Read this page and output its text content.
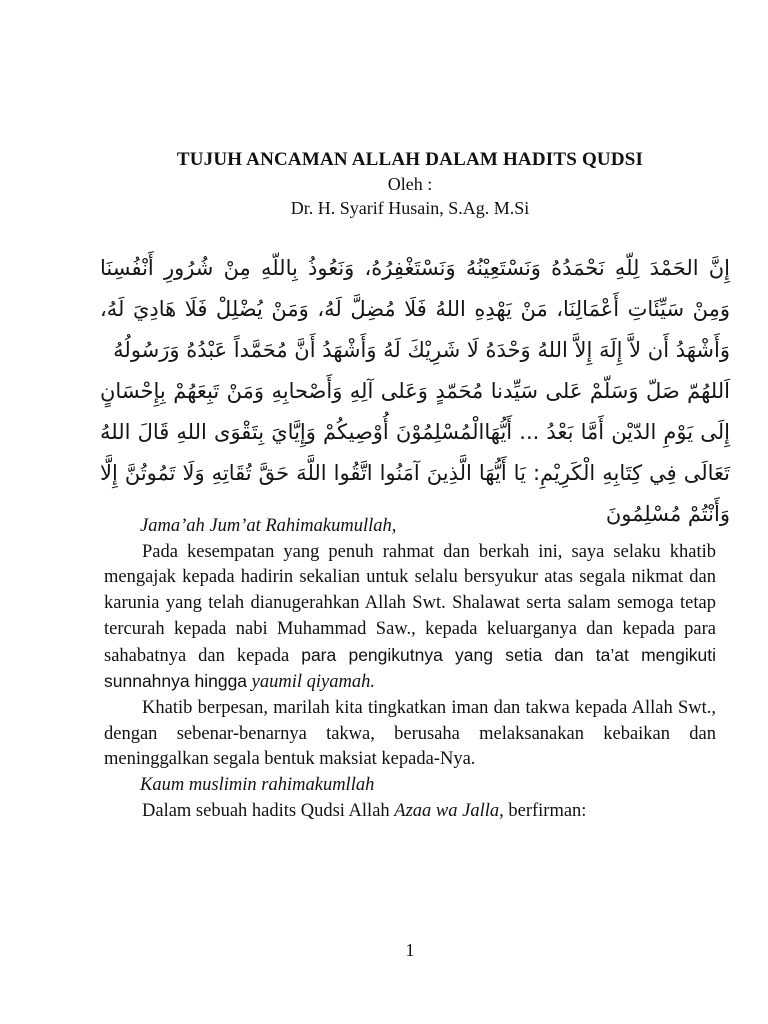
TUJUH ANCAMAN ALLAH DALAM HADITS QUDSI
Oleh :
Dr. H. Syarif Husain, S.Ag. M.Si

إِنَّ الحَمْدَ لِلّهِ نَحْمَدُهُ وَنَسْتَعِيْنُهُ وَنَسْتَغْفِرُهُ، وَنَعُوذُ بِاللّهِ مِنْ شُرُورِ أَنْفُسِنَا وَمِنْ سَيِّئَاتِ أَعْمَالِنَا، مَنْ يَهْدِهِ اللهُ فَلَا مُضِلَّ لَهُ، وَمَنْ يُضْلِلْ فَلَا هَادِيَ لَهُ، وَأَشْهَدُ أَن لاَّ إِلَهَ إِلاَّ اللهُ وَحْدَهُ لَا شَرِيْكَ لَهُ وَأَشْهَدُ أَنَّ مُحَمَّداً عَبْدُهُ وَرَسُولُهُ

اَللهُمّ صَلّ وَسَلّمْ عَلى سَيِّدنا مُحَمّدٍ وَعَلى آلِهِ وَأَصْحابِهِ وَمَنْ تَبِعَهُمْ بِإِحْسَانٍ إِلَى يَوْمِ الدّيْن أَمَّا بَعْدُ ... أَيُّهَاالْمُسْلِمُوْنَ أُوْصِيكُمْ وَإِيَّايَ بِتَقْوَى اللهِ قَالَ اللهُ تَعَالَى فِي كِتَابِهِ الْكَرِيْمِ: يَا أَيُّهَا الَّذِينَ آمَنُوا اتَّقُوا اللَّهَ حَقَّ تُقَاتِهِ وَلَا تَمُوتُنَّ إِلَّا وَأَنْتُمْ مُسْلِمُونَ

Jama’ah Jum’at Rahimakumullah,

Pada kesempatan yang penuh rahmat dan berkah ini, saya selaku khatib mengajak kepada hadirin sekalian untuk selalu bersyukur atas segala nikmat dan karunia yang telah dianugerahkan Allah Swt. Shalawat serta salam semoga tetap tercurah kepada nabi Muhammad Saw., kepada keluarganya dan kepada para sahabatnya dan kepada para pengikutnya yang setia dan ta’at mengikuti sunnahnya hingga yaumil qiyamah.

Khatib berpesan, marilah kita tingkatkan iman dan takwa kepada Allah Swt., dengan sebenar-benarnya takwa, berusaha melaksanakan kebaikan dan meninggalkan segala bentuk maksiat kepada-Nya.

Kaum muslimin rahimakumllah

Dalam sebuah hadits Qudsi Allah Azaa wa Jalla, berfirman:

1
